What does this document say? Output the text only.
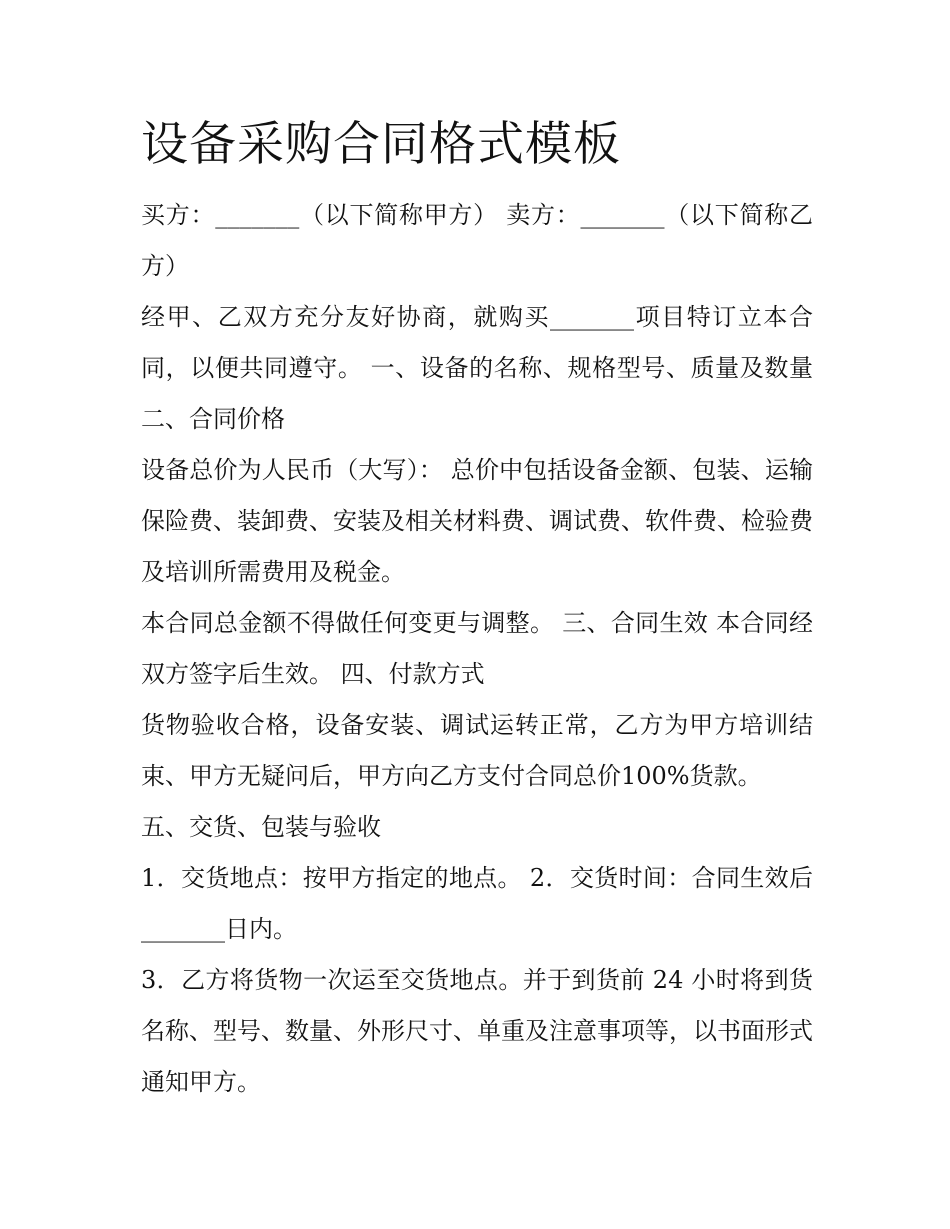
设备采购合同格式模板

买方：_______（以下简称甲方） 卖方：_______（以下简称乙方）

经甲、乙双方充分友好协商，就购买_______项目特订立本合同，以便共同遵守。 一、设备的名称、规格型号、质量及数量 二、合同价格

设备总价为人民币（大写）： 总价中包括设备金额、包装、运输保险费、装卸费、安装及相关材料费、调试费、软件费、检验费及培训所需费用及税金。

本合同总金额不得做任何变更与调整。 三、合同生效 本合同经双方签字后生效。 四、付款方式

货物验收合格，设备安装、调试运转正常，乙方为甲方培训结束、甲方无疑问后，甲方向乙方支付合同总价100%货款。

五、交货、包装与验收

1．交货地点：按甲方指定的地点。 2．交货时间：合同生效后_______日内。

3．乙方将货物一次运至交货地点。并于到货前 24 小时将到货名称、型号、数量、外形尺寸、单重及注意事项等，以书面形式通知甲方。
